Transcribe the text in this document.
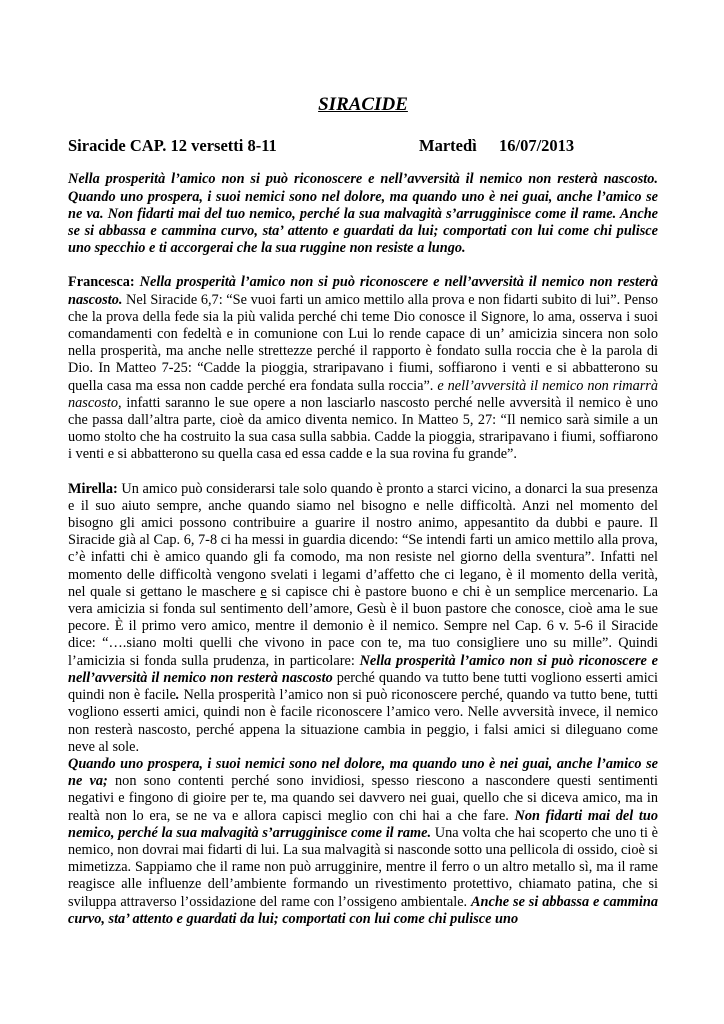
SIRACIDE
Siracide CAP. 12 versetti 8-11	Martedì	16/07/2013

Nella prosperità l’amico non si può riconoscere e nell’avversità il nemico non resterà nascosto. Quando uno prospera, i suoi nemici sono nel dolore, ma quando uno è nei guai, anche l’amico se ne va. Non fidarti mai del tuo nemico, perché la sua malvagità s’arrugginisce come il rame. Anche se si abbassa e cammina curvo, sta’ attento e guardati da lui; comportati con lui come chi pulisce uno specchio e ti accorgerai che la sua ruggine non resiste a lungo.

Francesca: Nella prosperità l’amico non si può riconoscere e nell’avversità il nemico non resterà nascosto. Nel Siracide 6,7: “Se vuoi farti un amico mettilo alla prova e non fidarti subito di lui”. Penso che la prova della fede sia la più valida perché chi teme Dio conosce il Signore, lo ama, osserva i suoi comandamenti con fedeltà e in comunione con Lui lo rende capace di un’ amicizia sincera non solo nella prosperità, ma anche nelle strettezze perché il rapporto è fondato sulla roccia che è la parola di Dio. In Matteo 7-25: “Cadde la pioggia, straripavano i fiumi, soffiarono i venti e si abbatterono su quella casa ma essa non cadde perché era fondata sulla roccia”. e nell’avversità il nemico non rimarrà nascosto, infatti saranno le sue opere a non lasciarlo nascosto perché nelle avversità il nemico è uno che passa dall’altra parte, cioè da amico diventa nemico. In Matteo 5, 27: “Il nemico sarà simile a un uomo stolto che ha costruito la sua casa sulla sabbia. Cadde la pioggia, straripavano i fiumi, soffiarono i venti e si abbatterono su quella casa ed essa cadde e la sua rovina fu grande”.

Mirella: Un amico può considerarsi tale solo quando è pronto a starci vicino, a donarci la sua presenza e il suo aiuto sempre, anche quando siamo nel bisogno e nelle difficoltà. Anzi nel momento del bisogno gli amici possono contribuire a guarire il nostro animo, appesantito da dubbi e paure. Il Siracide già al Cap. 6, 7-8 ci ha messi in guardia dicendo: “Se intendi farti un amico mettilo alla prova, c’è infatti chi è amico quando gli fa comodo, ma non resiste nel giorno della sventura”. Infatti nel momento delle difficoltà vengono svelati i legami d’affetto che ci legano, è il momento della verità, nel quale si gettano le maschere e si capisce chi è pastore buono e chi è un semplice mercenario. La vera amicizia si fonda sul sentimento dell’amore, Gesù è il buon pastore che conosce, cioè ama le sue pecore. È il primo vero amico, mentre il demonio è il nemico. Sempre nel Cap. 6 v. 5-6 il Siracide dice: “….siano molti quelli che vivono in pace con te, ma tuo consigliere uno su mille”. Quindi l’amicizia si fonda sulla prudenza, in particolare: Nella prosperità l’amico non si può riconoscere e nell’avversità il nemico non resterà nascosto perché quando va tutto bene tutti vogliono esserti amici quindi non è facile. Nella prosperità l’amico non si può riconoscere perché, quando va tutto bene, tutti vogliono esserti amici, quindi non è facile riconoscere l’amico vero. Nelle avversità invece, il nemico non resterà nascosto, perché appena la situazione cambia in peggio, i falsi amici si dileguano come neve al sole.

Quando uno prospera, i suoi nemici sono nel dolore, ma quando uno è nei guai, anche l’amico se ne va; non sono contenti perché sono invidiosi, spesso riescono a nascondere questi sentimenti negativi e fingono di gioire per te, ma quando sei davvero nei guai, quello che si diceva amico, ma in realtà non lo era, se ne va e allora capisci meglio con chi hai a che fare. Non fidarti mai del tuo nemico, perché la sua malvagità s’arrugginisce come il rame. Una volta che hai scoperto che uno ti è nemico, non dovrai mai fidarti di lui. La sua malvagità si nasconde sotto una pellicola di ossido, cioè si mimetizza. Sappiamo che il rame non può arrugginire, mentre il ferro o un altro metallo sì, ma il rame reagisce alle influenze dell’ambiente formando un rivestimento protettivo, chiamato patina, che si sviluppa attraverso l’ossidazione del rame con l’ossigeno ambientale. Anche se si abbassa e cammina curvo, sta’ attento e guardati da lui; comportati con lui come chi pulisce uno
